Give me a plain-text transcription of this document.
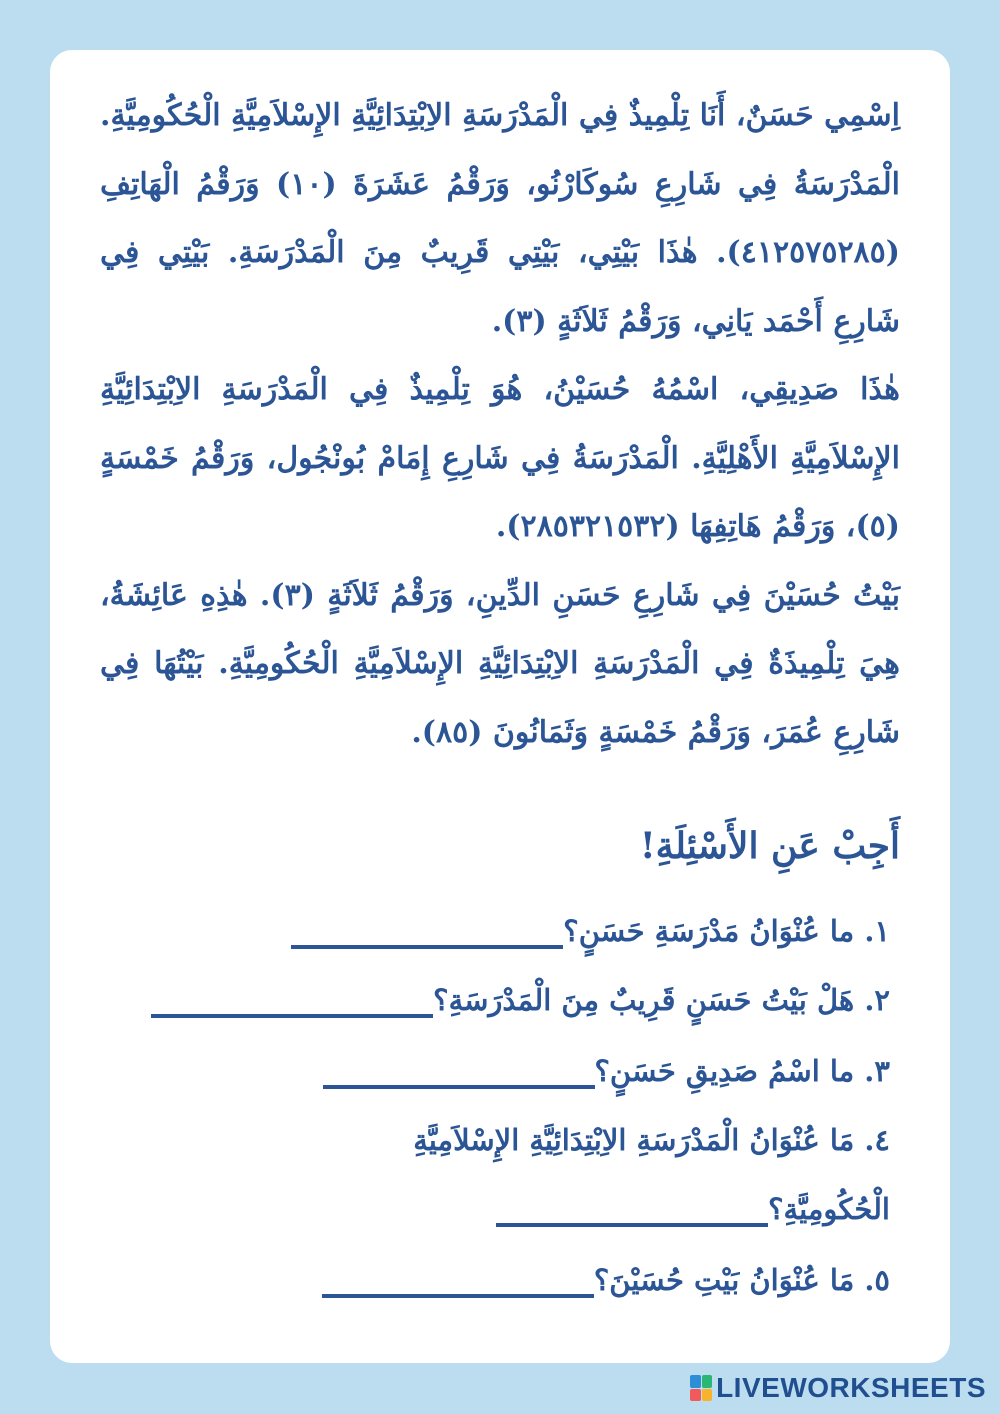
اِسْمِي حَسَنٌ، أَنَا تِلْمِيذٌ فِي الْمَدْرَسَةِ الاِبْتِدَائِيَّةِ الإِسْلاَمِيَّةِ الْحُكُومِيَّةِ. الْمَدْرَسَةُ فِي شَارِعِ سُوكَارْنُو، وَرَقْمُ عَشَرَةَ (١٠) وَرَقْمُ الْهَاتِفِ (٤١٢٥٧٥٢٨٥). هٰذَا بَيْتِي، بَيْتِي قَرِيبٌ مِنَ الْمَدْرَسَةِ. بَيْتِي فِي شَارِعِ أَحْمَد يَانِي، وَرَقْمُ ثَلاَثَةٍ (٣).

هٰذَا صَدِيقِي، اسْمُهُ حُسَيْنُ، هُوَ تِلْمِيذٌ فِي الْمَدْرَسَةِ الاِبْتِدَائِيَّةِ الإِسْلاَمِيَّةِ الأَهْلِيَّةِ. الْمَدْرَسَةُ فِي شَارِعِ إِمَامْ بُونْجُول، وَرَقْمُ خَمْسَةٍ (٥)، وَرَقْمُ هَاتِفِهَا (٢٨٥٣٢١٥٣٢).

بَيْتُ حُسَيْنَ فِي شَارِعِ حَسَنِ الدِّينِ، وَرَقْمُ ثَلاَثَةٍ (٣). هٰذِهِ عَائِشَةُ، هِيَ تِلْمِيذَةٌ فِي الْمَدْرَسَةِ الاِبْتِدَائِيَّةِ الإِسْلاَمِيَّةِ الْحُكُومِيَّةِ. بَيْتُهَا فِي شَارِعِ عُمَرَ، وَرَقْمُ خَمْسَةٍ وَثَمَانُونَ (٨٥).

أَجِبْ عَنِ الأَسْئِلَةِ!
١. ما عُنْوَانُ مَدْرَسَةِ حَسَنٍ؟
٢. هَلْ بَيْتُ حَسَنٍ قَرِيبٌ مِنَ الْمَدْرَسَةِ؟
٣. ما اسْمُ صَدِيقِ حَسَنٍ؟
٤. مَا عُنْوَانُ الْمَدْرَسَةِ الاِبْتِدَائِيَّةِ الإِسْلاَمِيَّةِ
الْحُكُومِيَّةِ؟
٥. مَا عُنْوَانُ بَيْتِ حُسَيْنَ؟
LIVEWORKSHEETS
